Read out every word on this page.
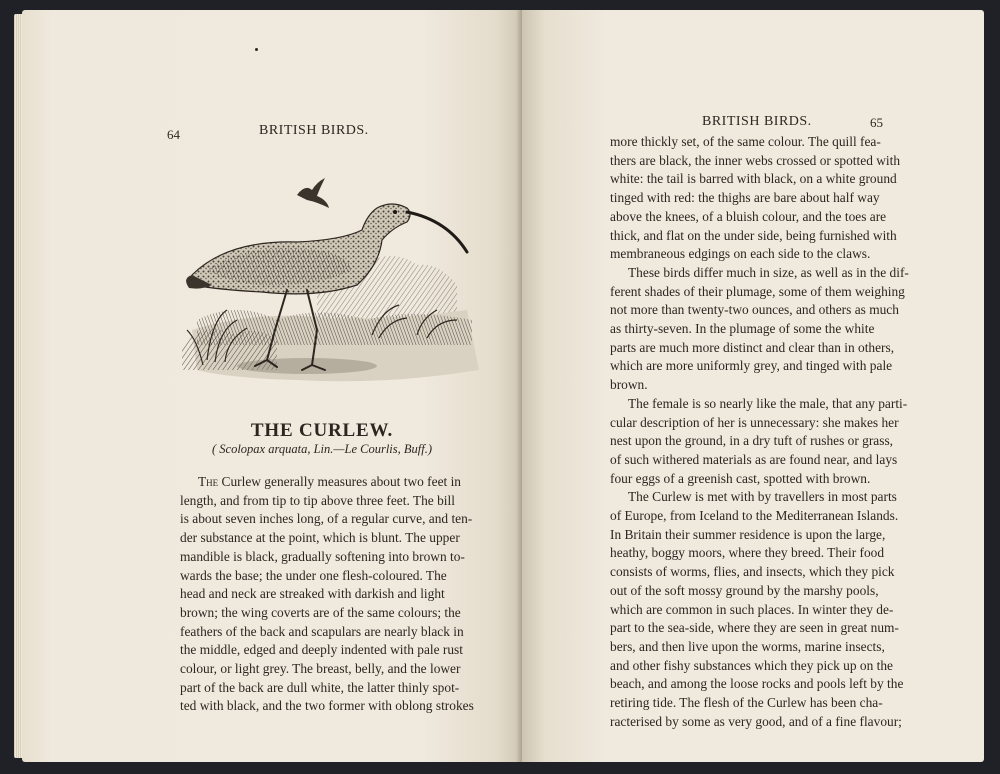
64	BRITISH BIRDS.
THE CURLEW.
( Scolopax arquata, Lin.—Le Courlis, Buff.)

The Curlew generally measures about two feet in

length, and from tip to tip above three feet. The bill

is about seven inches long, of a regular curve, and ten-

der substance at the point, which is blunt. The upper

mandible is black, gradually softening into brown to-

wards the base; the under one flesh-coloured. The

head and neck are streaked with darkish and light

brown; the wing coverts are of the same colours; the

feathers of the back and scapulars are nearly black in

the middle, edged and deeply indented with pale rust

colour, or light grey. The breast, belly, and the lower

part of the back are dull white, the latter thinly spot-

ted with black, and the two former with oblong strokes

BRITISH BIRDS.	65

more thickly set, of the same colour. The quill fea-

thers are black, the inner webs crossed or spotted with

white: the tail is barred with black, on a white ground

tinged with red: the thighs are bare about half way

above the knees, of a bluish colour, and the toes are

thick, and flat on the under side, being furnished with

membraneous edgings on each side to the claws.

These birds differ much in size, as well as in the dif-

ferent shades of their plumage, some of them weighing

not more than twenty-two ounces, and others as much

as thirty-seven. In the plumage of some the white

parts are much more distinct and clear than in others,

which are more uniformly grey, and tinged with pale

brown.

The female is so nearly like the male, that any parti-

cular description of her is unnecessary: she makes her

nest upon the ground, in a dry tuft of rushes or grass,

of such withered materials as are found near, and lays

four eggs of a greenish cast, spotted with brown.

The Curlew is met with by travellers in most parts

of Europe, from Iceland to the Mediterranean Islands.

In Britain their summer residence is upon the large,

heathy, boggy moors, where they breed. Their food

consists of worms, flies, and insects, which they pick

out of the soft mossy ground by the marshy pools,

which are common in such places. In winter they de-

part to the sea-side, where they are seen in great num-

bers, and then live upon the worms, marine insects,

and other fishy substances which they pick up on the

beach, and among the loose rocks and pools left by the

retiring tide. The flesh of the Curlew has been cha-

racterised by some as very good, and of a fine flavour;
